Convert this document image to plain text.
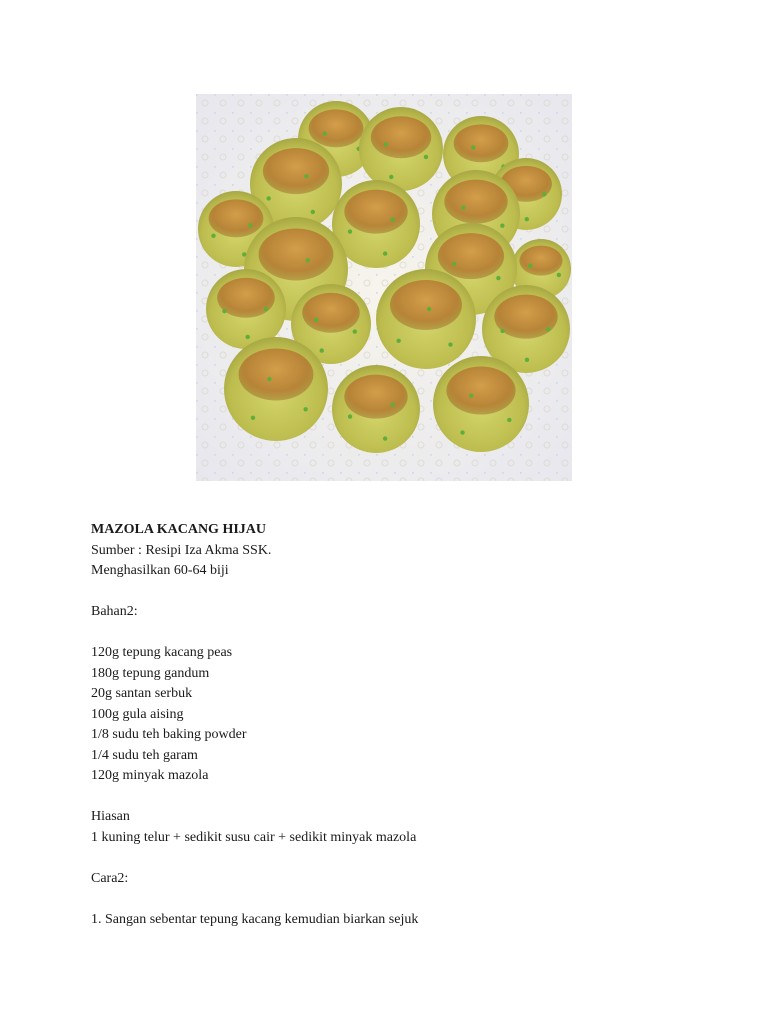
MAZOLA KACANG HIJAU
Sumber : Resipi Iza Akma SSK.
Menghasilkan 60-64 biji
Bahan2:
120g tepung kacang peas
180g tepung gandum
20g santan serbuk
100g gula aising
1/8 sudu teh baking powder
1/4 sudu teh garam
120g minyak mazola
Hiasan
1 kuning telur + sedikit susu cair + sedikit minyak mazola
Cara2:
1. Sangan sebentar tepung kacang kemudian biarkan sejuk
